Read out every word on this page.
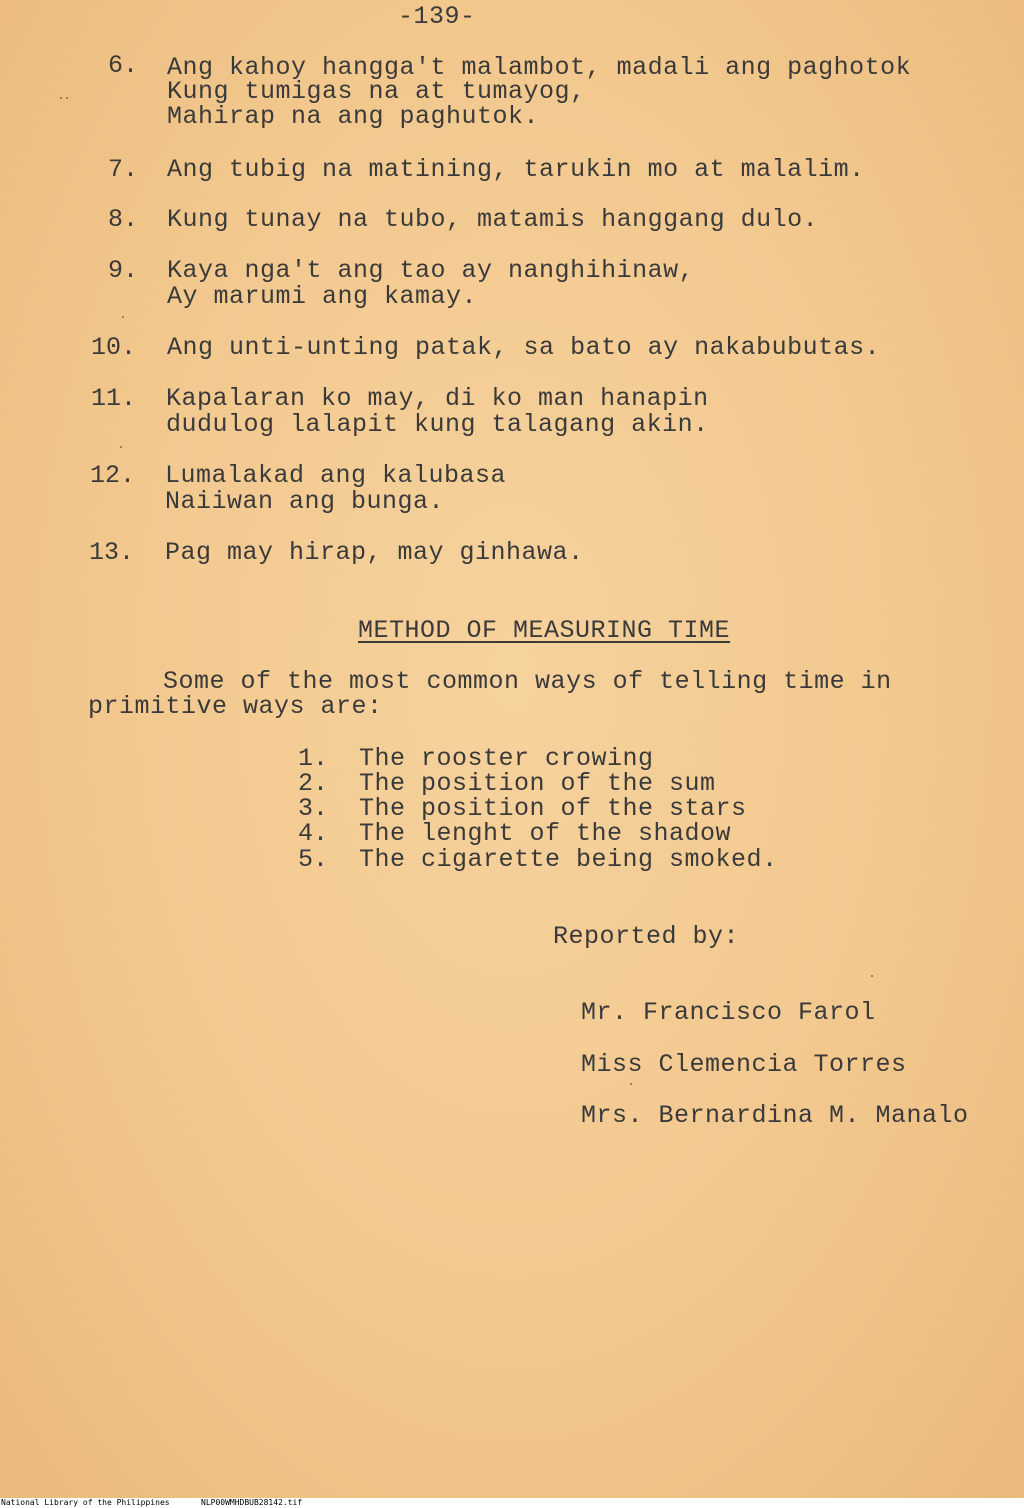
-139-
6. Ang kahoy hangga't malambot, madali ang paghotok
Kung tumigas na at tumayog,
Mahirap na ang paghutok.
7. Ang tubig na matining, tarukin mo at malalim.
8. Kung tunay na tubo, matamis hanggang dulo.
9. Kaya nga't ang tao ay nanghihinaw,
Ay marumi ang kamay.
10. Ang unti-unting patak, sa bato ay nakabubutas.
11. Kapalaran ko may, di ko man hanapin
dudulog lalapit kung talagang akin.
12. Lumalakad ang kalubasa
Naiiwan ang bunga.
13. Pag may hirap, may ginhawa.
METHOD OF MEASURING TIME
Some of the most common ways of telling time in
primitive ways are:
1. The rooster crowing
2. The position of the sum
3. The position of the stars
4. The lenght of the shadow
5. The cigarette being smoked.
Reported by:
Mr. Francisco Farol
Miss Clemencia Torres
Mrs. Bernardina M. Manalo
National Library of the Philippines	NLP00WMHDBUB28142.tif
